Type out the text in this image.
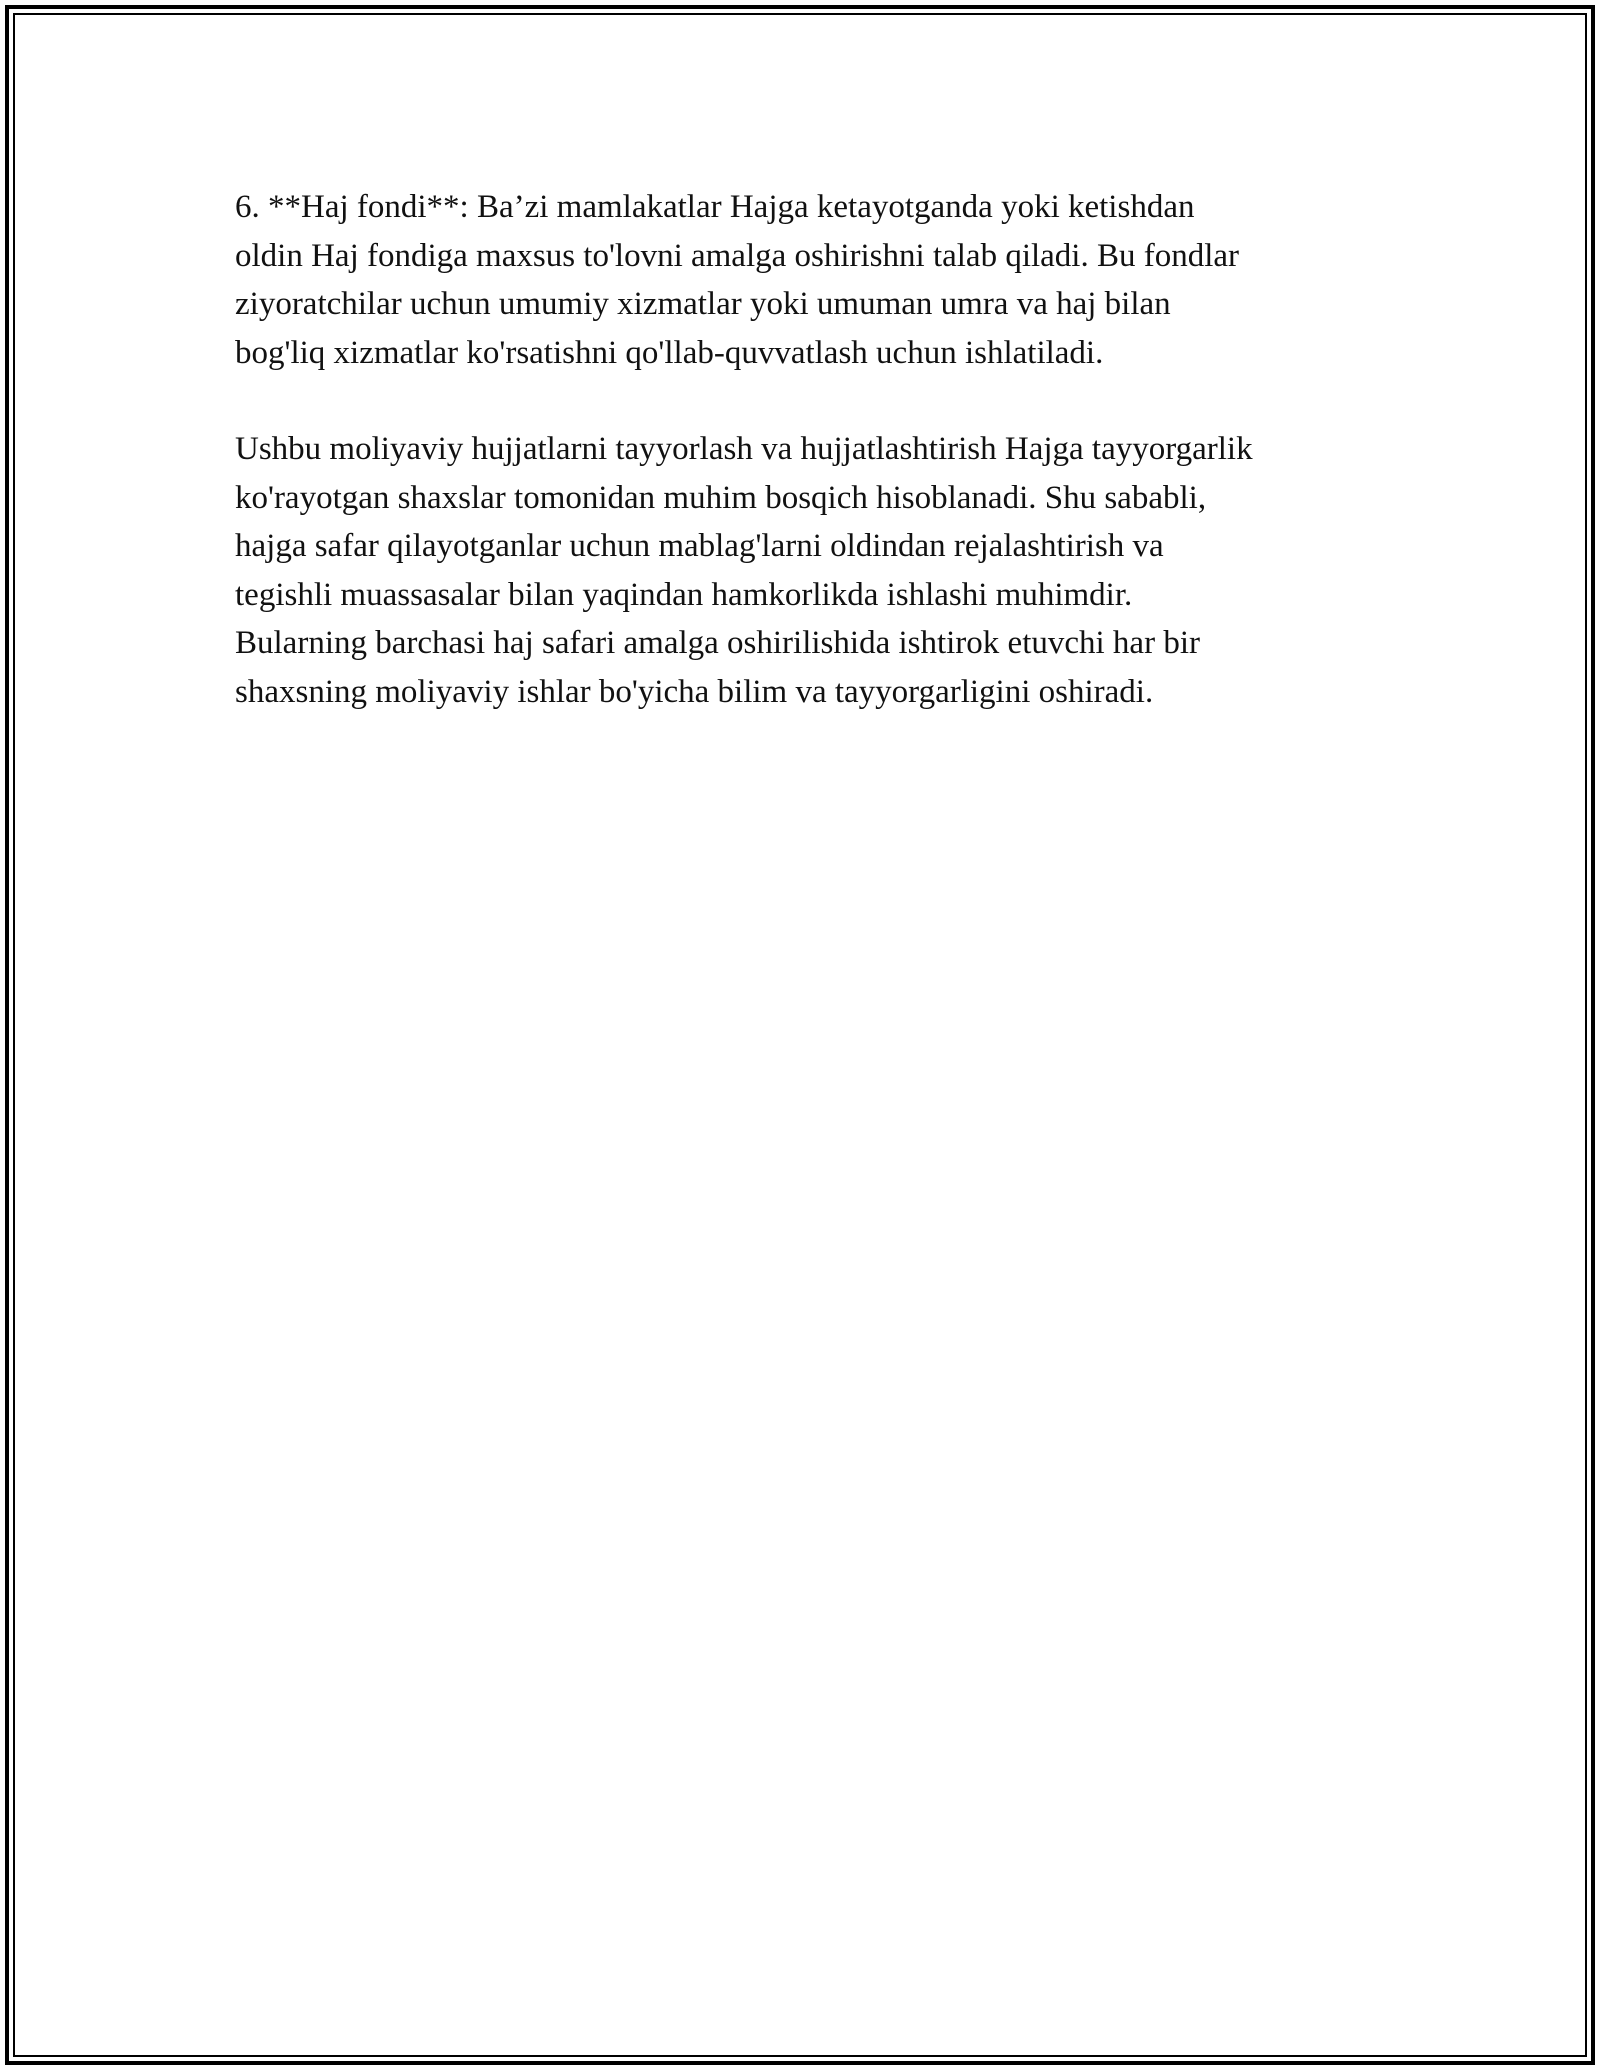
6. **Haj fondi**: Ba’zi mamlakatlar Hajga ketayotganda yoki ketishdan
oldin Haj fondiga maxsus to'lovni amalga oshirishni talab qiladi. Bu fondlar
ziyoratchilar uchun umumiy xizmatlar yoki umuman umra va haj bilan
bog'liq xizmatlar ko'rsatishni qo'llab-quvvatlash uchun ishlatiladi.

Ushbu moliyaviy hujjatlarni tayyorlash va hujjatlashtirish Hajga tayyorgarlik
ko'rayotgan shaxslar tomonidan muhim bosqich hisoblanadi. Shu sababli,
hajga safar qilayotganlar uchun mablag'larni oldindan rejalashtirish va
tegishli muassasalar bilan yaqindan hamkorlikda ishlashi muhimdir.
Bularning barchasi haj safari amalga oshirilishida ishtirok etuvchi har bir
shaxsning moliyaviy ishlar bo'yicha bilim va tayyorgarligini oshiradi.
